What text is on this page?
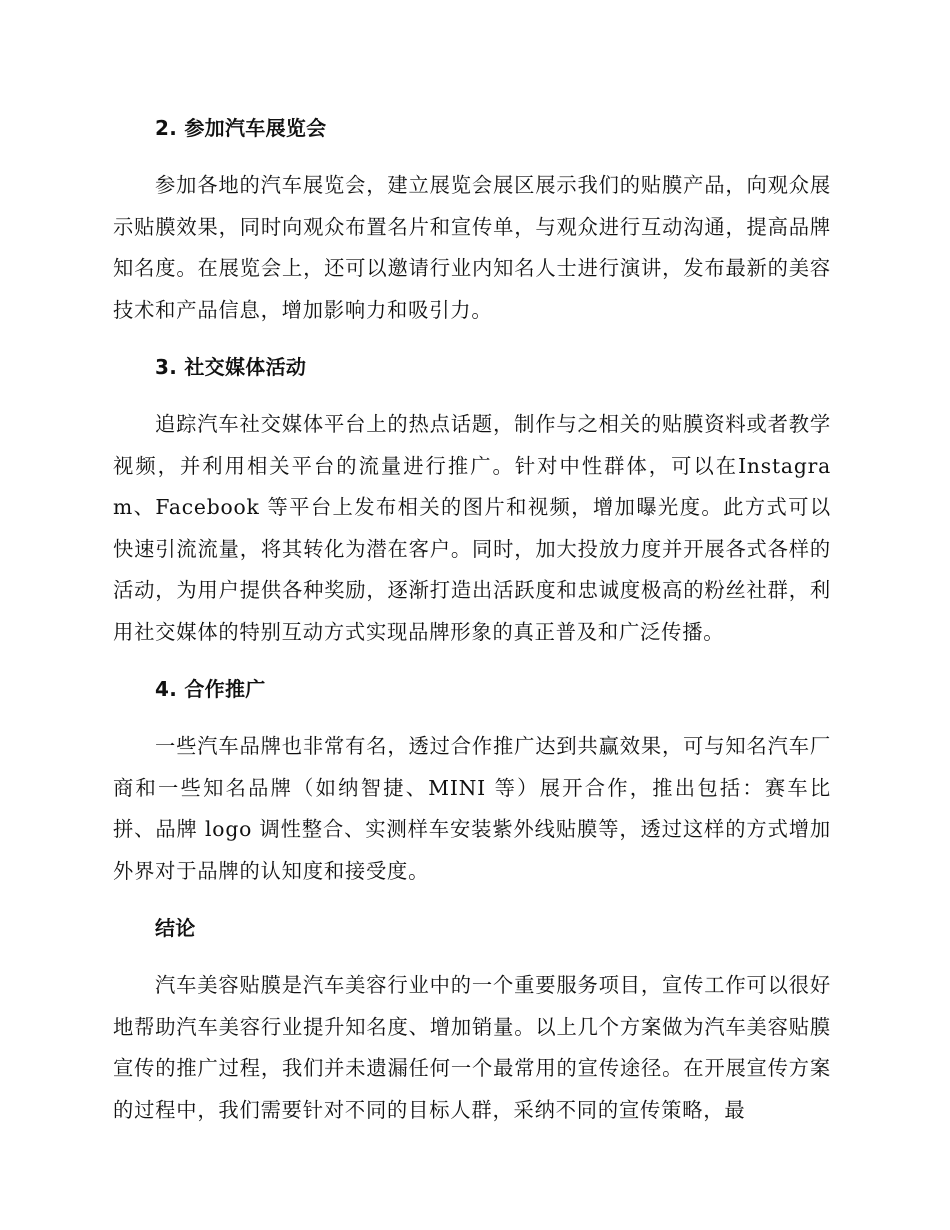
2. 参加汽车展览会

参加各地的汽车展览会，建立展览会展区展示我们的贴膜产品，向观众展示贴膜效果，同时向观众布置名片和宣传单，与观众进行互动沟通，提高品牌知名度。在展览会上，还可以邀请行业内知名人士进行演讲，发布最新的美容技术和产品信息，增加影响力和吸引力。

3. 社交媒体活动

追踪汽车社交媒体平台上的热点话题，制作与之相关的贴膜资料或者教学视频，并利用相关平台的流量进行推广。针对中性群体，可以在Instagram、Facebook 等平台上发布相关的图片和视频，增加曝光度。此方式可以快速引流流量，将其转化为潜在客户。同时，加大投放力度并开展各式各样的活动，为用户提供各种奖励，逐渐打造出活跃度和忠诚度极高的粉丝社群，利用社交媒体的特别互动方式实现品牌形象的真正普及和广泛传播。

4. 合作推广

一些汽车品牌也非常有名，透过合作推广达到共赢效果，可与知名汽车厂商和一些知名品牌（如纳智捷、MINI 等）展开合作，推出包括：赛车比拼、品牌 logo 调性整合、实测样车安装紫外线贴膜等，透过这样的方式增加外界对于品牌的认知度和接受度。

结论

汽车美容贴膜是汽车美容行业中的一个重要服务项目，宣传工作可以很好地帮助汽车美容行业提升知名度、增加销量。以上几个方案做为汽车美容贴膜宣传的推广过程，我们并未遗漏任何一个最常用的宣传途径。在开展宣传方案的过程中，我们需要针对不同的目标人群，采纳不同的宣传策略，最
